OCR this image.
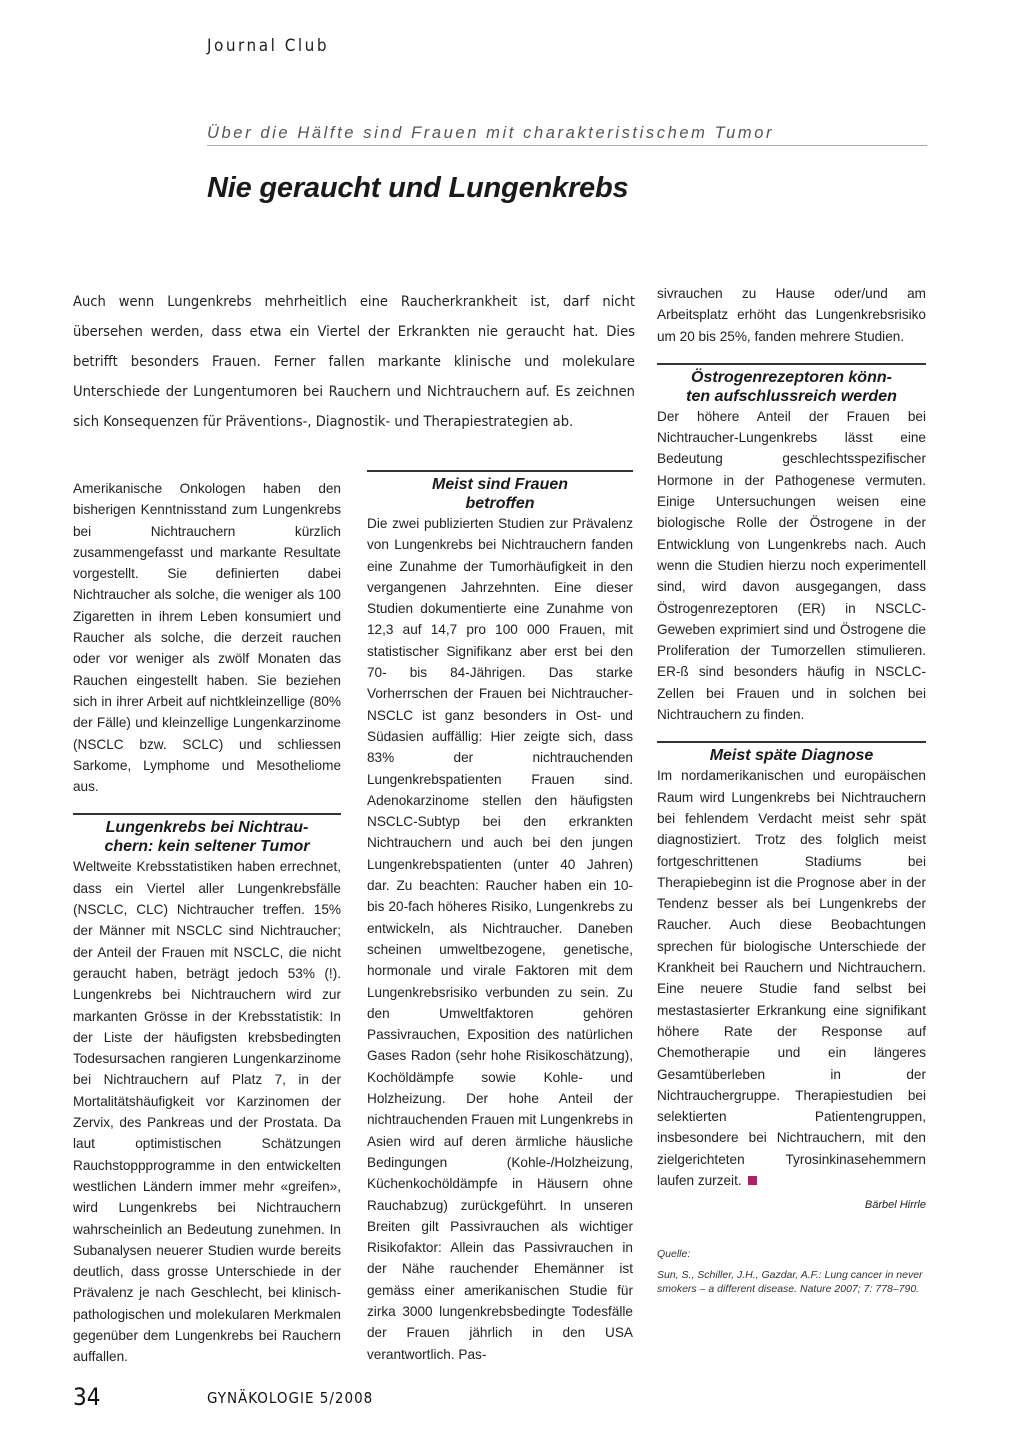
Journal Club
Über die Hälfte sind Frauen mit charakteristischem Tumor
Nie geraucht und Lungenkrebs

Auch wenn Lungenkrebs mehrheitlich eine Raucherkrankheit ist, darf nicht übersehen werden, dass etwa ein Viertel der Erkrankten nie geraucht hat. Dies betrifft besonders Frauen. Ferner fallen markante klinische und molekulare Unterschiede der Lungentumoren bei Rauchern und Nichtrauchern auf. Es zeichnen sich Konsequenzen für Präventions-, Diagnostik- und Therapiestrategien ab.

Amerikanische Onkologen haben den bisherigen Kenntnisstand zum Lungenkrebs bei Nichtrauchern kürzlich zusammengefasst und markante Resultate vorgestellt. Sie definierten dabei Nichtraucher als solche, die weniger als 100 Zigaretten in ihrem Leben konsumiert und Raucher als solche, die derzeit rauchen oder vor weniger als zwölf Monaten das Rauchen eingestellt haben. Sie beziehen sich in ihrer Arbeit auf nichtkleinzellige (80% der Fälle) und kleinzellige Lungenkarzinome (NSCLC bzw. SCLC) und schliessen Sarkome, Lymphome und Mesotheliome aus.

Lungenkrebs bei Nichtrau-
chern: kein seltener Tumor

Weltweite Krebsstatistiken haben errechnet, dass ein Viertel aller Lungenkrebsfälle (NSCLC, CLC) Nichtraucher treffen. 15% der Männer mit NSCLC sind Nichtraucher; der Anteil der Frauen mit NSCLC, die nicht geraucht haben, beträgt jedoch 53% (!). Lungenkrebs bei Nichtrauchern wird zur markanten Grösse in der Krebsstatistik: In der Liste der häufigsten krebsbedingten Todesursachen rangieren Lungenkarzinome bei Nichtrauchern auf Platz 7, in der Mortalitätshäufigkeit vor Karzinomen der Zervix, des Pankreas und der Prostata. Da laut optimistischen Schätzungen Rauchstoppprogramme in den entwickelten westlichen Ländern immer mehr «greifen», wird Lungenkrebs bei Nichtrauchern wahrscheinlich an Bedeutung zunehmen. In Subanalysen neuerer Studien wurde bereits deutlich, dass grosse Unterschiede in der Prävalenz je nach Geschlecht, bei klinisch-pathologischen und molekularen Merkmalen gegenüber dem Lungenkrebs bei Rauchern auffallen.

Meist sind Frauen
betroffen

Die zwei publizierten Studien zur Prävalenz von Lungenkrebs bei Nichtrauchern fanden eine Zunahme der Tumorhäufigkeit in den vergangenen Jahrzehnten. Eine dieser Studien dokumentierte eine Zunahme von 12,3 auf 14,7 pro 100 000 Frauen, mit statistischer Signifikanz aber erst bei den 70- bis 84-Jährigen. Das starke Vorherrschen der Frauen bei Nichtraucher-NSCLC ist ganz besonders in Ost- und Südasien auffällig: Hier zeigte sich, dass 83% der nichtrauchenden Lungenkrebspatienten Frauen sind. Adenokarzinome stellen den häufigsten NSCLC-Subtyp bei den erkrankten Nichtrauchern und auch bei den jungen Lungenkrebspatienten (unter 40 Jahren) dar. Zu beachten: Raucher haben ein 10- bis 20-fach höheres Risiko, Lungenkrebs zu entwickeln, als Nichtraucher. Daneben scheinen umweltbezogene, genetische, hormonale und virale Faktoren mit dem Lungenkrebsrisiko verbunden zu sein. Zu den Umweltfaktoren gehören Passivrauchen, Exposition des natürlichen Gases Radon (sehr hohe Risikoschätzung), Kochöldämpfe sowie Kohle- und Holzheizung. Der hohe Anteil der nichtrauchenden Frauen mit Lungenkrebs in Asien wird auf deren ärmliche häusliche Bedingungen (Kohle-/Holzheizung, Küchenkochöldämpfe in Häusern ohne Rauchabzug) zurückgeführt. In unseren Breiten gilt Passivrauchen als wichtiger Risikofaktor: Allein das Passivrauchen in der Nähe rauchender Ehemänner ist gemäss einer amerikanischen Studie für zirka 3000 lungenkrebsbedingte Todesfälle der Frauen jährlich in den USA verantwortlich. Pas-

sivrauchen zu Hause oder/und am Arbeitsplatz erhöht das Lungenkrebsrisiko um 20 bis 25%, fanden mehrere Studien.

Östrogenrezeptoren könn-
ten aufschlussreich werden

Der höhere Anteil der Frauen bei Nichtraucher-Lungenkrebs lässt eine Bedeutung geschlechtsspezifischer Hormone in der Pathogenese vermuten. Einige Untersuchungen weisen eine biologische Rolle der Östrogene in der Entwicklung von Lungenkrebs nach. Auch wenn die Studien hierzu noch experimentell sind, wird davon ausgegangen, dass Östrogenrezeptoren (ER) in NSCLC-Geweben exprimiert sind und Östrogene die Proliferation der Tumorzellen stimulieren. ER-ß sind besonders häufig in NSCLC-Zellen bei Frauen und in solchen bei Nichtrauchern zu finden.

Meist späte Diagnose

Im nordamerikanischen und europäischen Raum wird Lungenkrebs bei Nichtrauchern bei fehlendem Verdacht meist sehr spät diagnostiziert. Trotz des folglich meist fortgeschrittenen Stadiums bei Therapiebeginn ist die Prognose aber in der Tendenz besser als bei Lungenkrebs der Raucher. Auch diese Beobachtungen sprechen für biologische Unterschiede der Krankheit bei Rauchern und Nichtrauchern. Eine neuere Studie fand selbst bei mestastasierter Erkrankung eine signifikant höhere Rate der Response auf Chemotherapie und ein längeres Gesamtüberleben in der Nichtrauchergruppe. Therapiestudien bei selektierten Patientengruppen, insbesondere bei Nichtrauchern, mit den zielgerichteten Tyrosinkinasehemmern laufen zurzeit.

Bärbel Hirrle
Quelle:
Sun, S., Schiller, J.H., Gazdar, A.F.: Lung cancer in never smokers – a different disease. Nature 2007; 7: 778–790.
34	GYNÄKOLOGIE 5/2008
